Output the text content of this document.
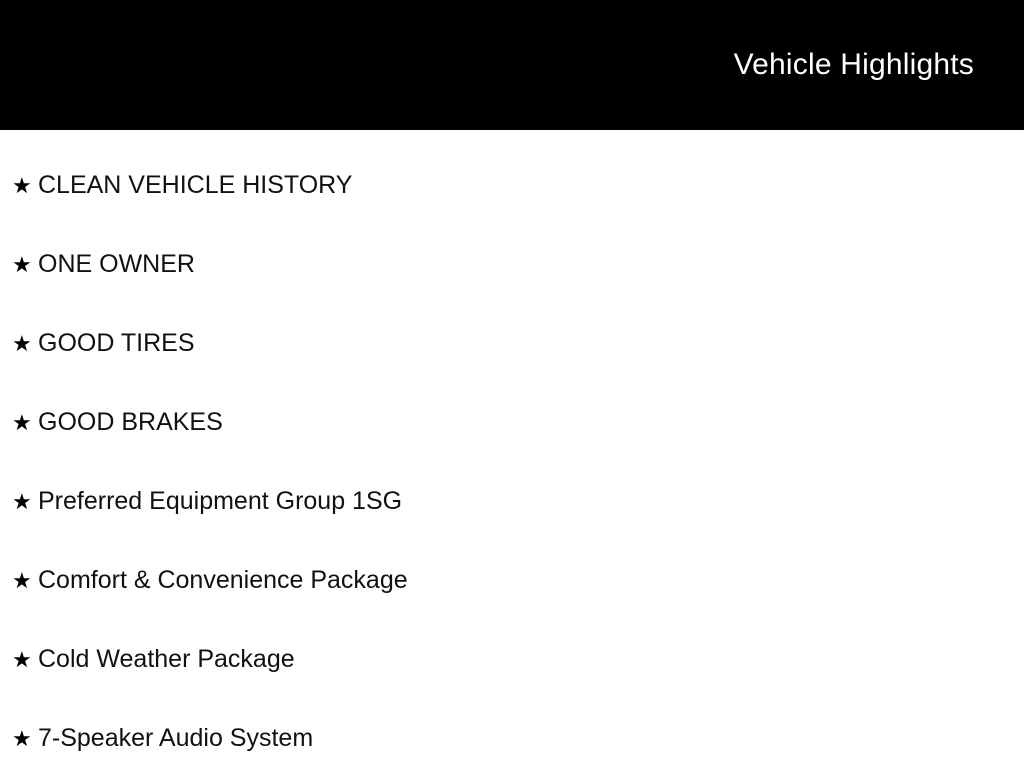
Vehicle Highlights
★ CLEAN VEHICLE HISTORY
★ ONE OWNER
★ GOOD TIRES
★ GOOD BRAKES
★ Preferred Equipment Group 1SG
★ Comfort & Convenience Package
★ Cold Weather Package
★ 7-Speaker Audio System
